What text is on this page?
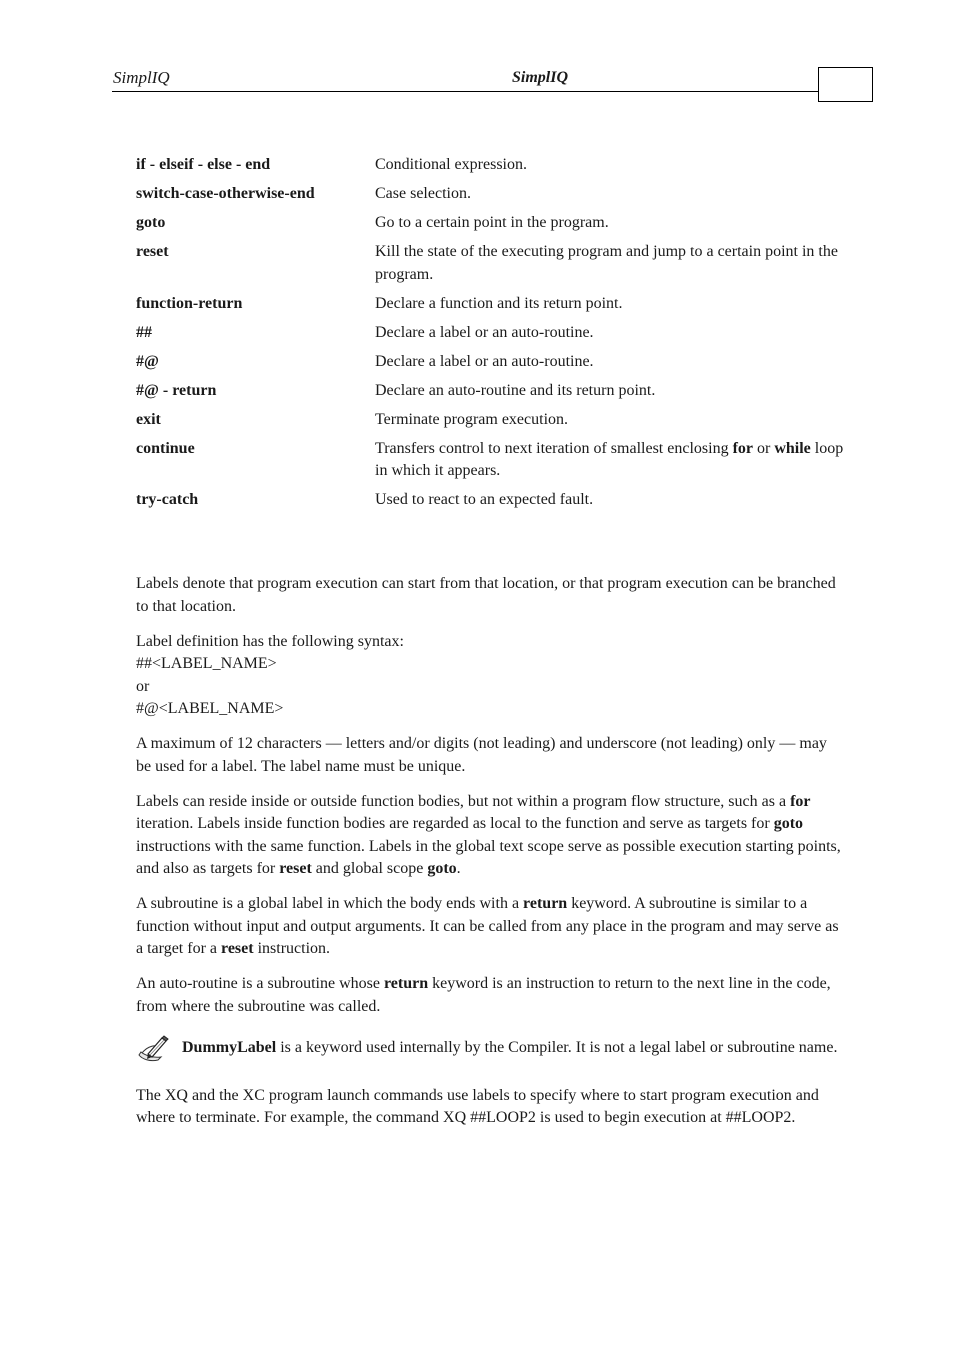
SimplIQ	SimplIQ
if - elseif - else - end	Conditional expression.
switch-case-otherwise-end	Case selection.
goto	Go to a certain point in the program.
reset	Kill the state of the executing program and jump to a certain point in the program.
function-return	Declare a function and its return point.
##	Declare a label or an auto-routine.
#@	Declare a label or an auto-routine.
#@ - return	Declare an auto-routine and its return point.
exit	Terminate program execution.
continue	Transfers control to next iteration of smallest enclosing for or while loop in which it appears.
try-catch	Used to react to an expected fault.

Labels denote that program execution can start from that location, or that program execution can be branched to that location.

Label definition has the following syntax:
##<LABEL_NAME>
or
#@<LABEL_NAME>

A maximum of 12 characters — letters and/or digits (not leading) and underscore (not leading) only — may be used for a label. The label name must be unique.

Labels can reside inside or outside function bodies, but not within a program flow structure, such as a for iteration. Labels inside function bodies are regarded as local to the function and serve as targets for goto instructions with the same function. Labels in the global text scope serve as possible execution starting points, and also as targets for reset and global scope goto.

A subroutine is a global label in which the body ends with a return keyword. A subroutine is similar to a function without input and output arguments. It can be called from any place in the program and may serve as a target for a reset instruction.

An auto-routine is a subroutine whose return keyword is an instruction to return to the next line in the code, from where the subroutine was called.

DummyLabel is a keyword used internally by the Compiler. It is not a legal label or subroutine name.

The XQ and the XC program launch commands use labels to specify where to start program execution and where to terminate. For example, the command XQ ##LOOP2 is used to begin execution at ##LOOP2.
